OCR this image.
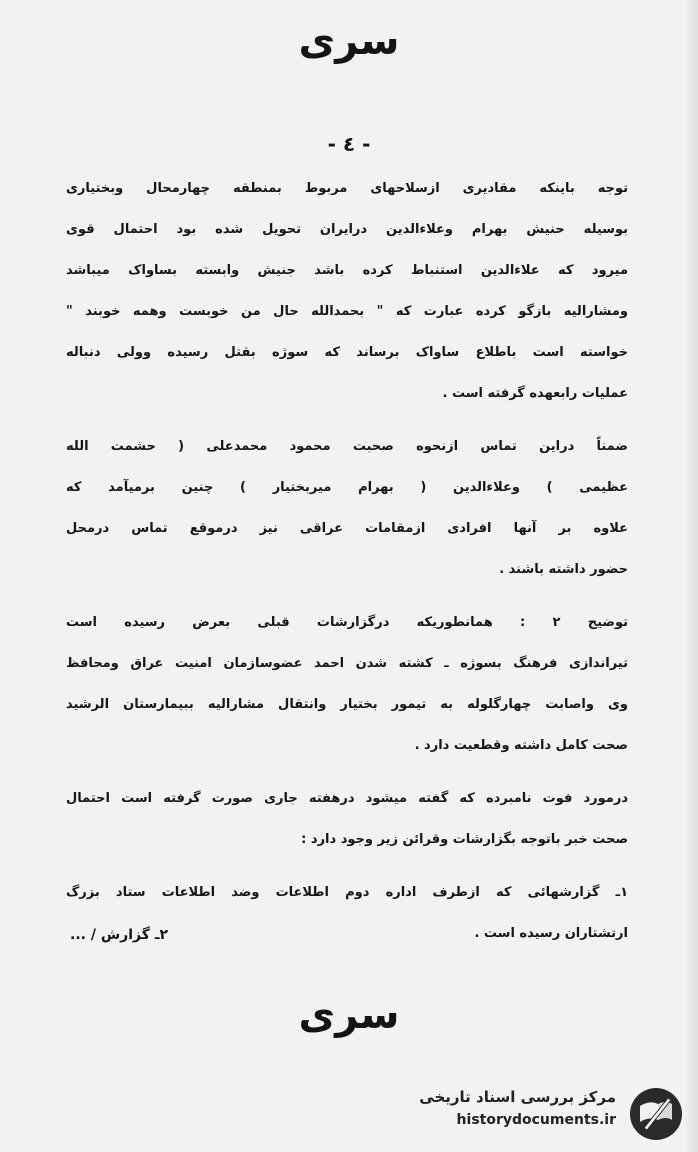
سری
- ٤ -
توجه باینکه مقادیری ازسلاحهای مربوط بمنطقه چهارمحال وبختیاری
بوسیله حنیش بهرام وعلاءالدین درایران تحویل شده بود احتمال قوی
میرود که علاءالدین استنباط کرده باشد جنیش وابسته بساواک میباشد
ومشارالیه بازگو کرده عبارت که " بحمدالله حال من خوبست وهمه خوبند "
خواسته است باطلاع ساواک برساند که سوژه بقتل رسیده وولی دنباله
عملیات رابعهده گرفته است .
ضمناً دراین تماس ازنحوه صحبت محمود محمدعلی ( حشمت الله
عظیمی ) وعلاءالدین ( بهرام میربختیار ) چنین برمیآمد که
علاوه بر آنها افرادی ازمقامات عراقی نیز درموقع تماس درمحل
حضور داشته باشند .
توضیح ۲ : همانطوریکه درگزارشات قبلی بعرض رسیده است
تیراندازی فرهنگ بسوژه ـ کشته شدن احمد عضوسازمان امنیت عراق ومحافظ
وی واصابت چهارگلوله به تیمور بختیار وانتقال مشارالیه ببیمارستان الرشید
صحت کامل داشته وقطعیت دارد .
درمورد فوت نامبرده که گفته میشود درهفته جاری صورت گرفته است احتمال
صحت خبر باتوجه بگزارشات وقرائن زیر وجود دارد :
۱ـ گزارشهائی که ازطرف اداره دوم اطلاعات وضد اطلاعات ستاد بزرگ
ارتشتاران رسیده است .
۲ـ گزارش / ...
سری
مرکز بررسی اسناد تاریخی
historydocuments.ir
